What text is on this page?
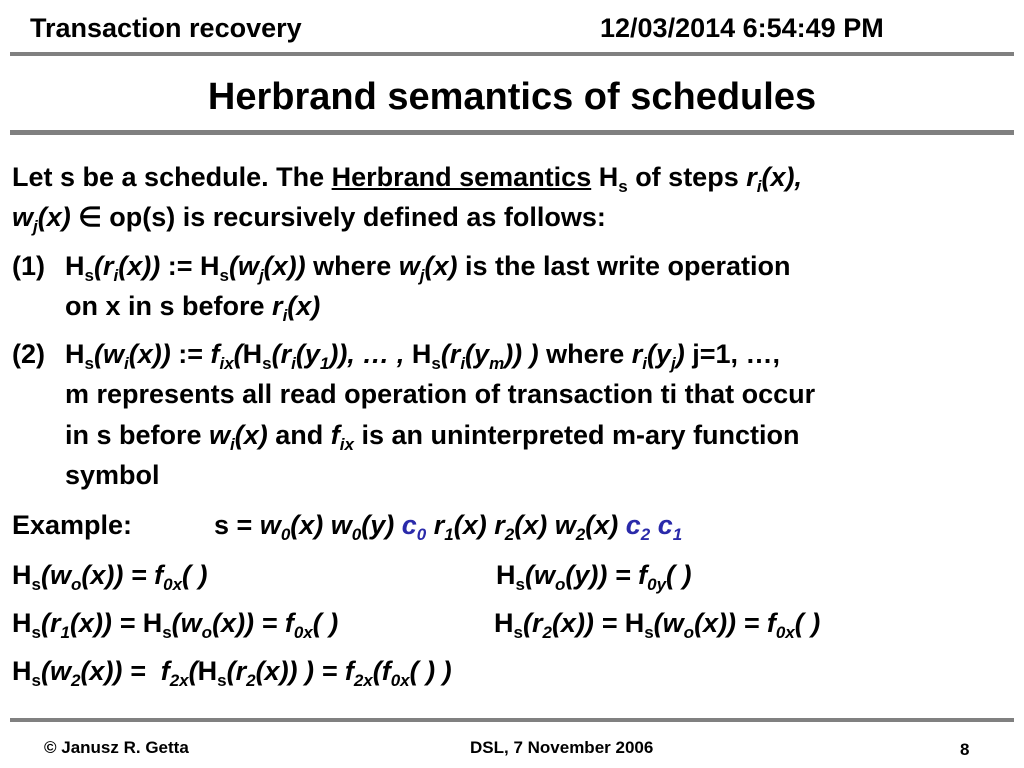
Transaction recovery	12/03/2014 6:54:49 PM
Herbrand semantics of schedules
Let s be a schedule. The Herbrand semantics $H_s$ of steps $r_i(x)$,
$w_j(x)$ ∈ op(s) is recursively defined as follows:
(1) $H_s(r_i(x))$ := $H_s(w_j(x))$ where $w_j(x)$ is the last write operation
on x in s before $r_i(x)$
(2) $H_s(w_i(x))$ := $f_{ix}(H_s(r_i(y_1))$, … , $H_s(r_i(y_m))$ ) where $r_i(y_j)$ j=1, …,
m represents all read operation of transaction ti that occur
in s before $w_i(x)$ and $f_{ix}$ is an uninterpreted m-ary function
symbol
Example:	$s = w_0(x)$ $w_0(y)$ $c_0$ $r_1(x)$ $r_2(x)$ $w_2(x)$ $c_2$ $c_1$
$H_s(w_o(x)) = f_{0x}$( )	$H_s(w_o(y)) = f_{0y}$( )
$H_s(r_1(x)) = H_s(w_o(x)) = f_{0x}$( )	$H_s(r_2(x)) = H_s(w_o(x)) = f_{0x}$( )
$H_s(w_2(x)) = f_{2x}(H_s(r_2(x))$ ) = $f_{2x}(f_{0x}$( ) )
© Janusz R. Getta	DSL, 7 November 2006	8
